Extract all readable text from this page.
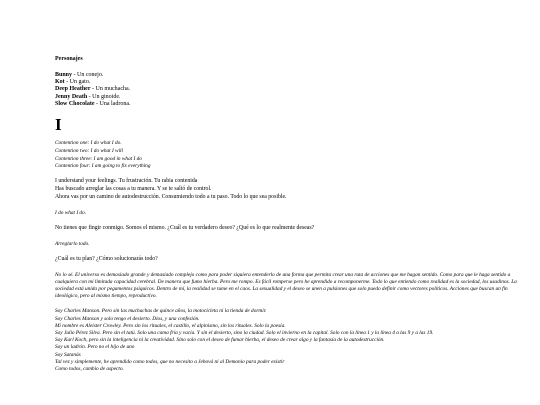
Personajes

Bunny - Un conejo.
Kot - Un gato.
Deep Heather - Un muchacha.
Jenny Death - Un ginoide.
Slow Chocolate - Una ladrona.
I
Contention one: I do what I do.
Contention two: I do what I will
Contention three: I am good in what I do
Contention four: I am going to fix everything
I understand your feelings. Tu frustración. Tu rabia contenida
Has buscado arreglar las cosas a tu manera. Y se te salió de control.
Ahora vas por un camino de autodestrucción. Consumiendo todo a tu paso. Todo lo que sea posible.

I do what I do.

No tienes que fingir conmigo. Somos el mismo. ¿Cuál es tu verdadero deseo? ¿Qué es lo que realmente deseas?

Arreglarlo todo.

¿Cuál es tu plan? ¿Cómo solucionarás todo?

No lo sé. El universo es demasiado grande y demasiado complejo como para poder siquiera entenderlo de una forma que permita crear una ruta de acciones que me hagan sentido. Como para que le haga sentido a cualquiera con mi limitada capacidad cerebral. De manera que fumo hierba. Pero me rompo. Es fácil romperse pero he aprendido a recomponerme. Todo lo que entiendo como realidad es la sociedad, los usadinos. La sociedad está unida por pegamentos psíquicos. Dentro de mí, la realidad se tume en el caos. La sexualidad y el deseo se unen a pulsiones que solo puedo definir como vectores políticos. Acciones que buscan un fin ideológico, pero al mismo tiempo, reproductivo.

Soy Charles Manson. Pero sin las muchachas de quince años, la motocicleta ni la tienda de dormir.
Soy Charles Manson y solo tengo el desierto. Dios, y una confesión.
Mi nombre es Aleister Crowley. Pero sin los rituales, el castillo, el alpinismo, sin los rituales. Solo la poesía.
Soy Julio Pérez Silva. Pero sin el tatú. Solo una cama fría y vacía. Y sin el desierto, sino la ciudad. Solo el invierno en la capital. Solo con la línea 1 y la línea 4 a las 9 y a las 19.
Soy Karl Koch, pero sin la inteligencia ni la creatividad. Sino solo con el deseo de fumar hierba, el deseo de crear algo y la fantasía de la autodestrucción.
Soy un ladrón. Pero no el hijo de uno
Soy Satanás
Tal vez y simplemente, he aprendido como todos, que no necesito a Jehová ni al Demonio para poder existir
Como todos, cambio de aspecto.
